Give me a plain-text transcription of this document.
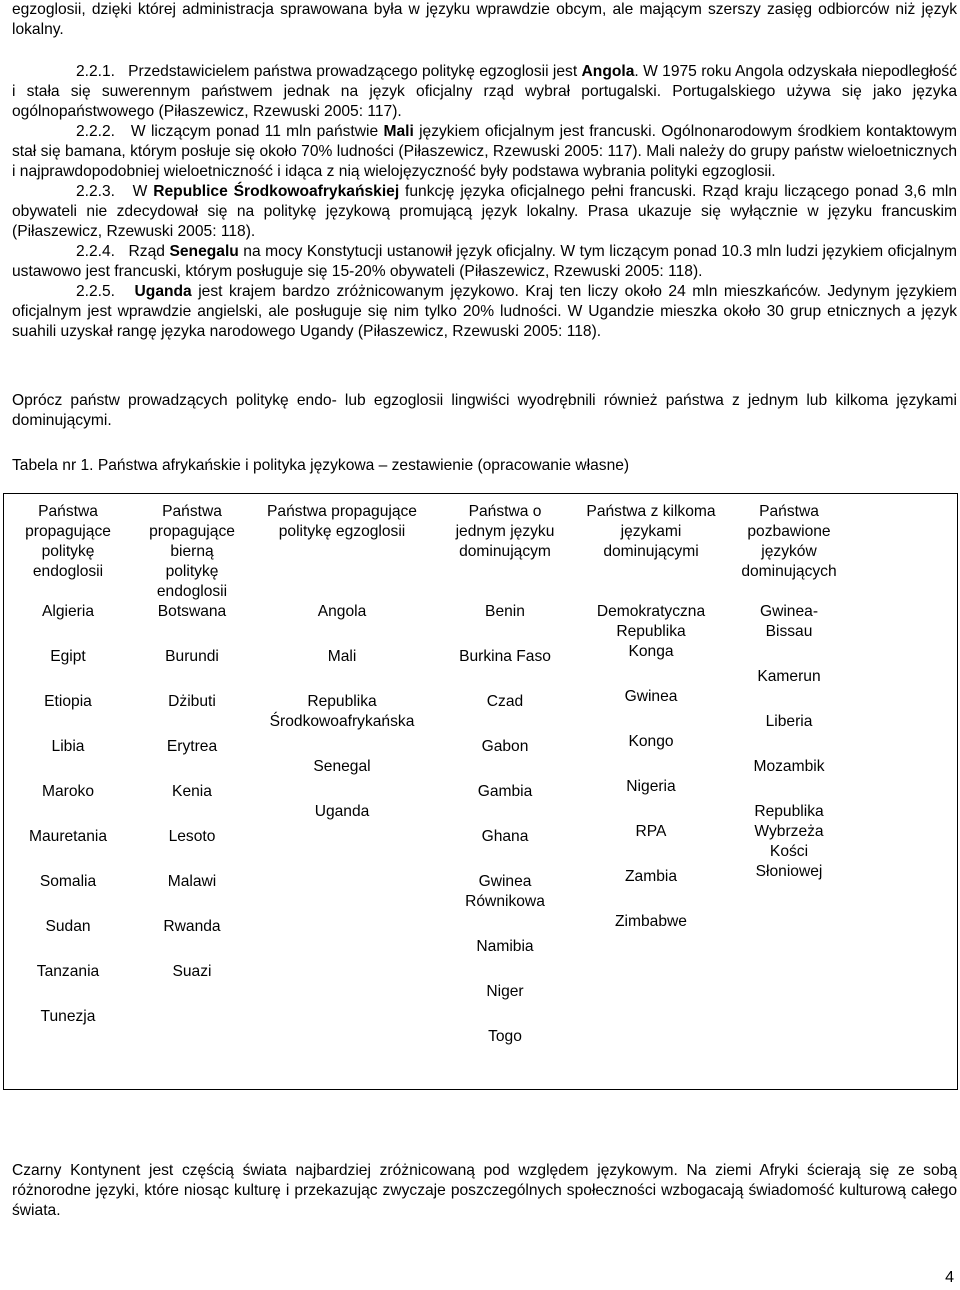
egzoglosii, dzięki której administracja sprawowana była w języku wprawdzie obcym, ale mającym szerszy zasięg odbiorców niż język lokalny.

2.2.1. Przedstawicielem państwa prowadzącego politykę egzoglosii jest Angola. W 1975 roku Angola odzyskała niepodległość i stała się suwerennym państwem jednak na język oficjalny rząd wybrał portugalski. Portugalskiego używa się jako języka ogólnopaństwowego (Piłaszewicz, Rzewuski 2005: 117).

2.2.2. W liczącym ponad 11 mln państwie Mali językiem oficjalnym jest francuski. Ogólnonarodowym środkiem kontaktowym stał się bamana, którym posłuje się około 70% ludności (Piłaszewicz, Rzewuski 2005: 117). Mali należy do grupy państw wieloetnicznych i najprawdopodobniej wieloetniczność i idąca z nią wielojęzyczność były podstawa wybrania polityki egzoglosii.

2.2.3. W Republice Środkowoafrykańskiej funkcję języka oficjalnego pełni francuski. Rząd kraju liczącego ponad 3,6 mln obywateli nie zdecydował się na politykę językową promującą język lokalny. Prasa ukazuje się wyłącznie w języku francuskim (Piłaszewicz, Rzewuski 2005: 118).

2.2.4. Rząd Senegalu na mocy Konstytucji ustanowił język oficjalny. W tym liczącym ponad 10.3 mln ludzi językiem oficjalnym ustawowo jest francuski, którym posługuje się 15-20% obywateli (Piłaszewicz, Rzewuski 2005: 118).

2.2.5. Uganda jest krajem bardzo zróżnicowanym językowo. Kraj ten liczy około 24 mln mieszkańców. Jedynym językiem oficjalnym jest wprawdzie angielski, ale posługuje się nim tylko 20% ludności. W Ugandzie mieszka około 30 grup etnicznych a język suahili uzyskał rangę języka narodowego Ugandy (Piłaszewicz, Rzewuski 2005: 118).

Oprócz państw prowadzących politykę endo- lub egzoglosii lingwiści wyodrębnili również państwa z jednym lub kilkoma językami dominującymi.

Tabela nr 1. Państwa afrykańskie i polityka językowa – zestawienie (opracowanie własne)

Czarny Kontynent jest częścią świata najbardziej zróżnicowaną pod względem językowym. Na ziemi Afryki ścierają się ze sobą różnorodne języki, które niosąc kulturę i przekazując zwyczaje poszczególnych społeczności wzbogacają świadomość kulturową całego świata.

Państwa propagujące politykę endoglosii
Algieria
Egipt
Etiopia
Libia
Maroko
Mauretania
Somalia
Sudan
Tanzania
Tunezja
Państwa propagujące bierną politykę endoglosii
Botswana
Burundi
Dżibuti
Erytrea
Kenia
Lesoto
Malawi
Rwanda
Suazi
Państwa propagujące politykę egzoglosii
Angola
Mali
Republika Środkowoafrykańska
Senegal
Uganda
Państwa o jednym języku dominującym
Benin
Burkina Faso
Czad
Gabon
Gambia
Ghana
Gwinea Równikowa
Namibia
Niger
Togo
Państwa z kilkoma językami dominującymi
Demokratyczna Republika Konga
Gwinea
Kongo
Nigeria
RPA
Zambia
Zimbabwe
Państwa pozbawione języków dominujących
Gwinea-Bissau
Kamerun
Liberia
Mozambik
Republika Wybrzeża Kości Słoniowej
4
